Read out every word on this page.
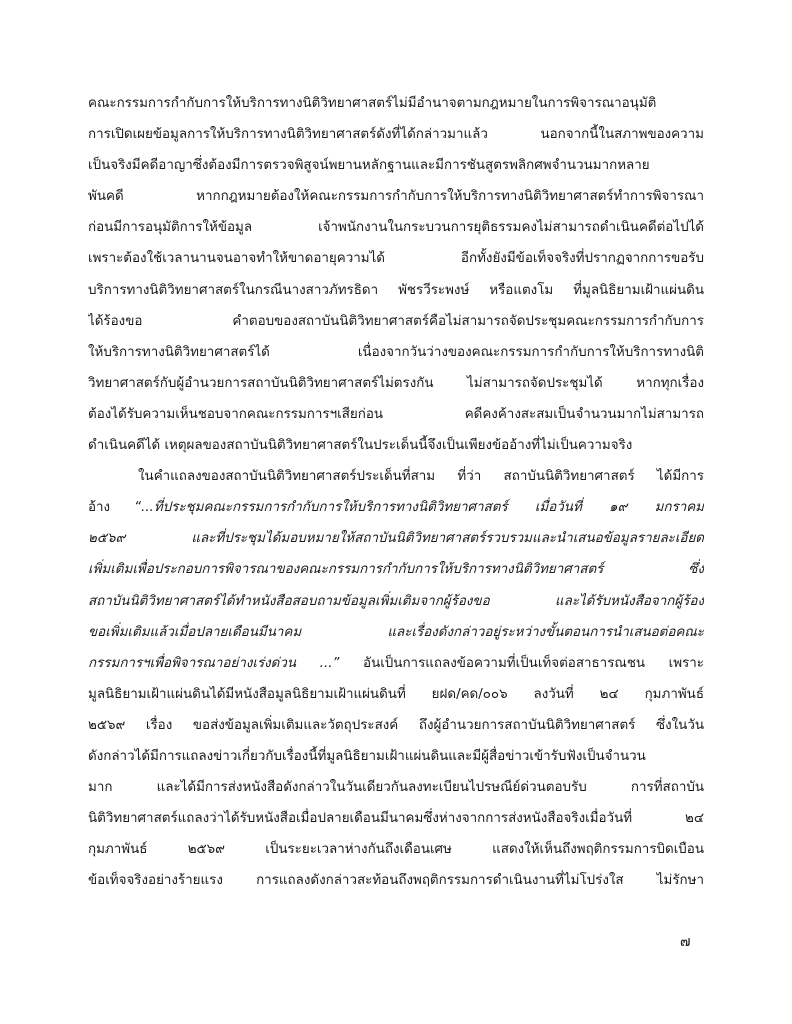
คณะกรรมการกำกับการให้บริการทางนิติวิทยาศาสตร์ไม่มีอำนาจตามกฎหมายในการพิจารณาอนุมัติ
การเปิดเผยข้อมูลการให้บริการทางนิติวิทยาศาสตร์ดังที่ได้กล่าวมาแล้ว นอกจากนี้ในสภาพของความ
เป็นจริงมีคดีอาญาซึ่งต้องมีการตรวจพิสูจน์พยานหลักฐานและมีการชันสูตรพลิกศพจำนวนมากหลาย
พันคดี หากกฎหมายต้องให้คณะกรรมการกำกับการให้บริการทางนิติวิทยาศาสตร์ทำการพิจารณา
ก่อนมีการอนุมัติการให้ข้อมูล เจ้าพนักงานในกระบวนการยุติธรรมคงไม่สามารถดำเนินคดีต่อไปได้
เพราะต้องใช้เวลานานจนอาจทำให้ขาดอายุความได้ อีกทั้งยังมีข้อเท็จจริงที่ปรากฏจากการขอรับ
บริการทางนิติวิทยาศาสตร์ในกรณีนางสาวภัทรธิดา พัชรวีระพงษ์ หรือแตงโม ที่มูลนิธิยามเฝ้าแผ่นดิน
ได้ร้องขอ คำตอบของสถาบันนิติวิทยาศาสตร์คือไม่สามารถจัดประชุมคณะกรรมการกำกับการ
ให้บริการทางนิติวิทยาศาสตร์ได้ เนื่องจากวันว่างของคณะกรรมการกำกับการให้บริการทางนิติ
วิทยาศาสตร์กับผู้อำนวยการสถาบันนิติวิทยาศาสตร์ไม่ตรงกัน ไม่สามารถจัดประชุมได้ หากทุกเรื่อง
ต้องได้รับความเห็นชอบจากคณะกรรมการฯเสียก่อน คดีคงค้างสะสมเป็นจำนวนมากไม่สามารถ
ดำเนินคดีได้ เหตุผลของสถาบันนิติวิทยาศาสตร์ในประเด็นนี้จึงเป็นเพียงข้ออ้างที่ไม่เป็นความจริง
ในคำแถลงของสถาบันนิติวิทยาศาสตร์ประเด็นที่สาม ที่ว่า สถาบันนิติวิทยาศาสตร์ ได้มีการ
อ้าง “...ที่ประชุมคณะกรรมการกำกับการให้บริการทางนิติวิทยาศาสตร์ เมื่อวันที่ ๑๙ มกราคม
๒๕๖๙ และที่ประชุมได้มอบหมายให้สถาบันนิติวิทยาศาสตร์รวบรวมและนำเสนอข้อมูลรายละเอียด
เพิ่มเติมเพื่อประกอบการพิจารณาของคณะกรรมการกำกับการให้บริการทางนิติวิทยาศาสตร์ ซึ่ง
สถาบันนิติวิทยาศาสตร์ได้ทำหนังสือสอบถามข้อมูลเพิ่มเติมจากผู้ร้องขอ และได้รับหนังสือจากผู้ร้อง
ขอเพิ่มเติมแล้วเมื่อปลายเดือนมีนาคม และเรื่องดังกล่าวอยู่ระหว่างขั้นตอนการนำเสนอต่อคณะ
กรรมการฯเพื่อพิจารณาอย่างเร่งด่วน ...” อันเป็นการแถลงข้อความที่เป็นเท็จต่อสาธารณชน เพราะ
มูลนิธิยามเฝ้าแผ่นดินได้มีหนังสือมูลนิธิยามเฝ้าแผ่นดินที่ ยฝด/คด/๐๐๖ ลงวันที่ ๒๔ กุมภาพันธ์
๒๕๖๙ เรื่อง ขอส่งข้อมูลเพิ่มเติมและวัตถุประสงค์ ถึงผู้อำนวยการสถาบันนิติวิทยาศาสตร์ ซึ่งในวัน
ดังกล่าวได้มีการแถลงข่าวเกี่ยวกับเรื่องนี้ที่มูลนิธิยามเฝ้าแผ่นดินและมีผู้สื่อข่าวเข้ารับฟังเป็นจำนวน
มาก และได้มีการส่งหนังสือดังกล่าวในวันเดียวกันลงทะเบียนไปรษณีย์ด่วนตอบรับ การที่สถาบัน
นิติวิทยาศาสตร์แถลงว่าได้รับหนังสือเมื่อปลายเดือนมีนาคมซึ่งห่างจากการส่งหนังสือจริงเมื่อวันที่ ๒๔
กุมภาพันธ์ ๒๕๖๙ เป็นระยะเวลาห่างกันถึงเดือนเศษ แสดงให้เห็นถึงพฤติกรรมการบิดเบือน
ข้อเท็จจริงอย่างร้ายแรง การแถลงดังกล่าวสะท้อนถึงพฤติกรรมการดำเนินงานที่ไม่โปร่งใส ไม่รักษา
๗
